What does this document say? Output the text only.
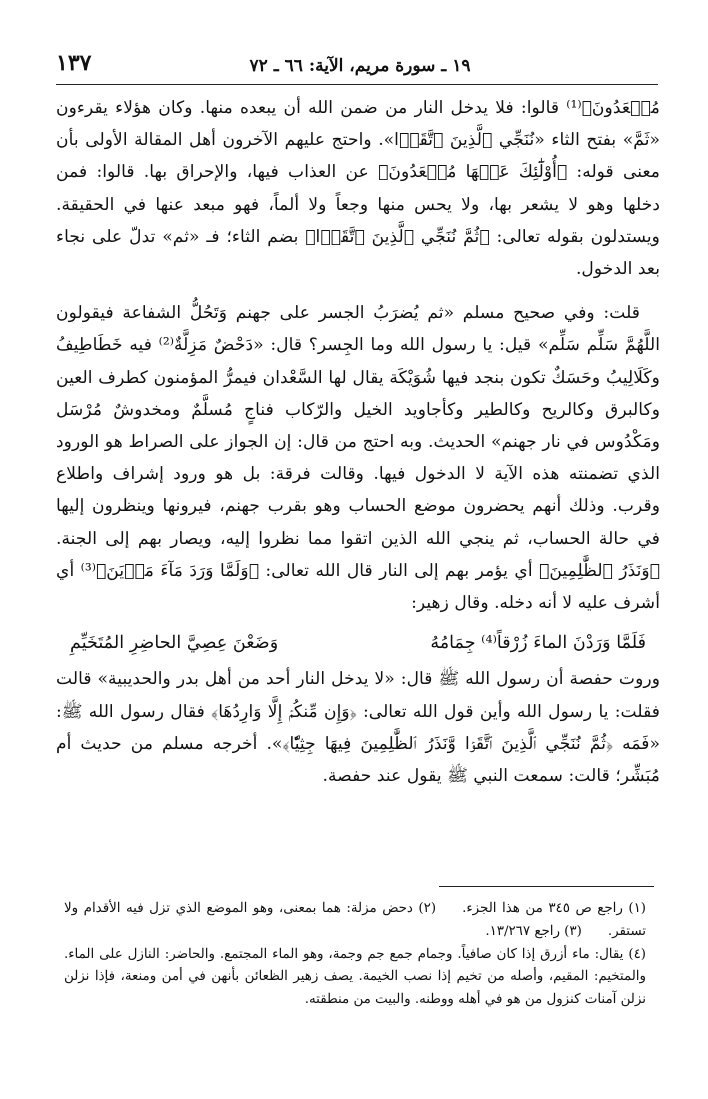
١٣٧	١٩ ـ سورة مريم، الآية: ٦٦ ـ ٧٢

مُبۡعَدُونَ﴾⁽¹⁾ قالوا: فلا يدخل النار من ضمن الله أن يبعده منها. وكان هؤلاء يقرءون «ثَمَّ» بفتح الثاء «نُنَجِّي ٱلَّذِينَ ٱتَّقَوۡا». واحتج عليهم الآخرون أهل المقالة الأولى بأن معنى قوله: ﴿أُوْلَٰٓئِكَ عَنۡهَا مُبۡعَدُونَ﴾ عن العذاب فيها، والإحراق بها. قالوا: فمن دخلها وهو لا يشعر بها، ولا يحس منها وجعاً ولا ألماً، فهو مبعد عنها في الحقيقة. ويستدلون بقوله تعالى: ﴿ثُمَّ نُنَجِّي ٱلَّذِينَ ٱتَّقَوۡا﴾ بضم الثاء؛ فـ «ثم» تدلّ على نجاء بعد الدخول.

قلت: وفي صحيح مسلم «ثم يُضرَبُ الجسر على جهنم وَتَحُلُّ الشفاعة فيقولون اللَّهُمَّ سَلِّم سَلِّم» قيل: يا رسول الله وما الجِسر؟ قال: «دَحْضٌ مَزِلَّةٌ⁽²⁾ فيه خَطَاطِيفُ وكَلَالِيبُ وحَسَكٌ تكون بنجد فيها شُوَيْكَة يقال لها السَّعْدان فيمرُّ المؤمنون كطرف العين وكالبرق وكالريح وكالطير وكأجاويد الخيل والرّكاب فناجٍ مُسلَّمٌ ومخدوشٌ مُرْسَل ومَكْدُوس في نار جهنم» الحديث. وبه احتج من قال: إن الجواز على الصراط هو الورود الذي تضمنته هذه الآية لا الدخول فيها. وقالت فرقة: بل هو ورود إشراف واطلاع وقرب. وذلك أنهم يحضرون موضع الحساب وهو بقرب جهنم، فيرونها وينظرون إليها في حالة الحساب، ثم ينجي الله الذين اتقوا مما نظروا إليه، ويصار بهم إلى الجنة. ﴿وَنَذَرُ ٱلظَّٰلِمِينَ﴾ أي يؤمر بهم إلى النار قال الله تعالى: ﴿وَلَمَّا وَرَدَ مَآءَ مَدۡيَنَ﴾⁽³⁾ أي أشرف عليه لا أنه دخله. وقال زهير:

فَلَمَّا وَرَدْنَ الماءَ زُرْقاً⁽⁴⁾ جِمَامُهُ
وَضَعْنَ عِصِيَّ الحاضِرِ المُتَخَيِّمِ

وروت حفصة أن رسول الله ﷺ قال: «لا يدخل النار أحد من أهل بدر والحديبية» قالت فقلت: يا رسول الله وأين قول الله تعالى: ﴿وَإِن مِّنكُمۡ إِلَّا وَارِدُهَا﴾ فقال رسول الله ﷺ: «فَمَه ﴿ثُمَّ نُنَجِّي ٱلَّذِينَ ٱتَّقَوۡا وَّنَذَرُ ٱلظَّٰلِمِينَ فِيهَا جِثِيّٗا﴾». أخرجه مسلم من حديث أم مُبَشِّر؛ قالت: سمعت النبي ﷺ يقول عند حفصة.

(١) راجع ص ٣٤٥ من هذا الجزء.(٢) دحض مزلة: هما بمعنى، وهو الموضع الذي تزل فيه الأقدام ولا تستقر.(٣) راجع ١٣/٢٦٧.

(٤) يقال: ماء أزرق إذا كان صافياً. وجمام جمع جم وجمة، وهو الماء المجتمع. والحاضر: النازل على الماء. والمتخيم: المقيم، وأصله من تخيم إذا نصب الخيمة. يصف زهير الظعائن بأنهن في أمن ومنعة، فإذا نزلن نزلن آمنات كنزول من هو في أهله ووطنه. والبيت من منطقته.
